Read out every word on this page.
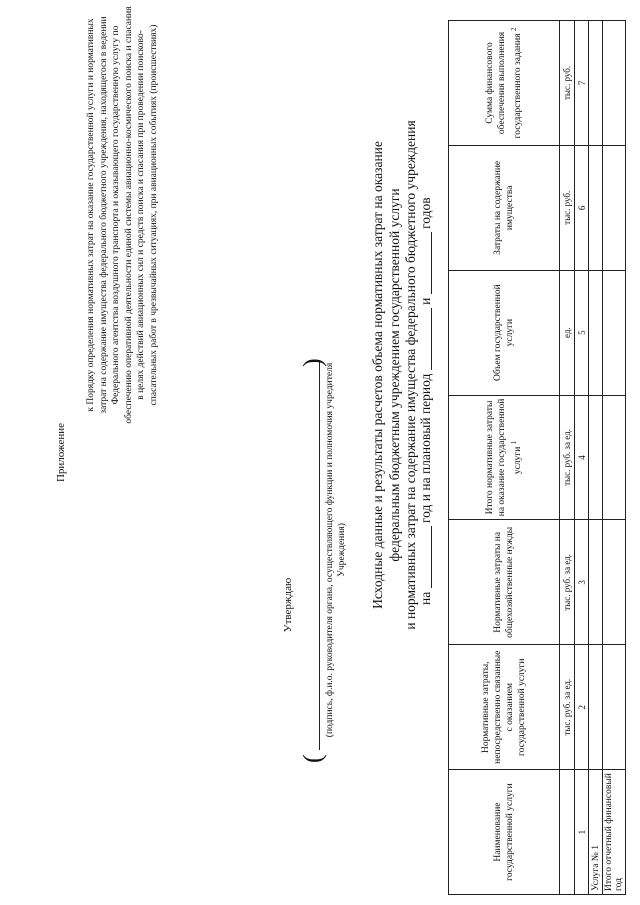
Приложение
к Порядку определения нормативных затрат на оказание государственной услуги и нормативных затрат на содержание имущества федерального бюджетного учреждения, находящегося в ведении Федерального агентства воздушного транспорта и оказывающего государственную услугу по обеспечению оперативной деятельности единой системы авиационно-космического поиска и спасания в целях действий авиационных сил и средств поиска и спасания при проведении поисково-спасательных работ в чрезвычайных ситуациях, при авиационных событиях (происшествиях)
Утверждаю
(
)
(подпись, ф.и.о. руководителя органа, осуществляющего функции и полномочия учредителя Учреждения) Исходные данные и результаты расчетов объема нормативных затрат на оказание федеральным бюджетным учреждением государственной услуги и нормативных затрат на содержание имущества федерального бюджетного учреждения на  год и на плановый период  и  годов
Наименование государственной услуги	Нормативные затраты, непосредственно связанные с оказанием государственной услуги	Нормативные затраты на общехозяйственные нужды	Итого нормативные затраты на оказание государственной услуги $^1$	Объем государственной услуги	Затраты на содержание имущества	Сумма финансового обеспечения выполнения государственного задания $^2$
	тыс. руб. за ед.	тыс. руб. за ед.	тыс. руб. за ед.	ед.	тыс. руб.	тыс. руб.
1	2	3	4	5	6	7
Услуга № 1						
Итого отчетный финансовый год						
